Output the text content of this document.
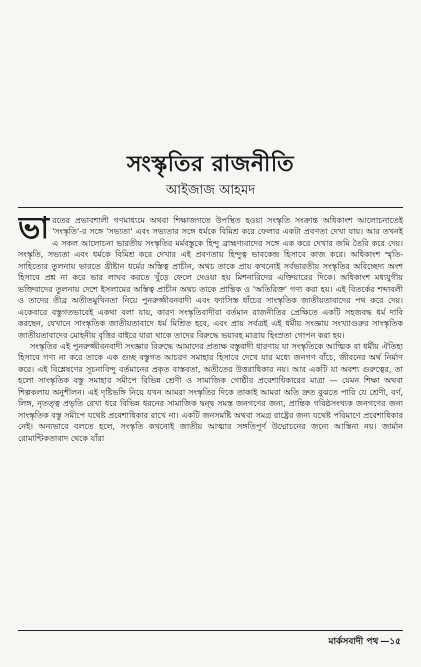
সংস্কৃতির রাজনীতি
আইজাজ আহমদ

ভারতের প্রভাবশালী গণমাধ্যমে অথবা শিক্ষাজগতে উপস্থিত হওয়া সংস্কৃতি সংক্রান্ত অধিকাংশ আলোচনাতেই 'সংস্কৃতি'-র সঙ্গে 'সভ্যতা' এবং সভ্যতার সঙ্গে ধর্মকে বিমিশ্র করে ফেলার একটা প্রবণতা দেখা যায়। আর তখনই এ সকল আলোচনা ভারতীয় সংস্কৃতির মর্মবস্তুকে হিন্দু ব্রাহ্মণ্যবাদের সঙ্গে এক করে দেখার জমি তৈরি করে দেয়। সংস্কৃতি, সভ্যতা এবং ধর্মকে বিমিশ্র করে দেখার এই প্রবণতায় হিন্দুত্ব ভাবকেন্দ্র হিসাবে কাজ করে। অধিকাংশ স্মৃতি- সাহিত্যের তুলনায় ভারতে খ্রীষ্টান ধর্মের অস্তিত্ব প্রাচীন, অথচ তাকে প্রায় কখনোই সর্বভারতীয় সংস্কৃতির অবিচ্ছেদ্য অংশ হিসাবে প্রশ্ন না করে ভার লাঘব করতে খুঁড়ে ফেলে দেওয়া হয় মিশনারিদের এক্তিয়ারের দিকে। অধিকাংশ মধ্যযুগীয় ভক্তিবাদের তুলনায় দেশে ইসলামের অস্তিত্ব প্রাচীন অথচ তাকে প্রান্তিক ও 'অতিরিক্ত' গণ্য করা হয়। এই বিতর্কের শব্দাবলী ও তাদের তীব্র অতীতমুখিনতা নিয়ে পুনরুজ্জীবনবাদী এবং ফ্যাসিস্ত ধাঁচের সাংস্কৃতিক জাতীয়তাবাদের পথ করে দেয়। একেবারে বস্তুগতভাবেই একথা বলা যায়, কারণ সংস্কৃতিবাদীরা বর্তমান রাজনীতির প্রেক্ষিতে একটি সহজবদ্ধ ধর্ম দাবি করছেন, যেখানে সাংস্কৃতিক জাতীয়তাবাদে ধর্ম মিশ্রিত হবে, এবং প্রায় সর্বত্রই এই ধর্মীয় সংজ্ঞায় সংখ্যাগুরুর সাংস্কৃতিক জাতীয়তাবাদের মোহনীয় বৃত্তির বাইরে যারা থাকে তাদের বিরুদ্ধে ভয়াবহ মাত্রায় হিংস্রতা গোপন করা হয়।

সংস্কৃতির এই পুনরুজ্জীবনবাদী সংজ্ঞার বিরুদ্ধে আমাদের প্রত্যক্ষ বস্তুবাদী ধারণায় যা সংস্কৃতিকে আত্মিক বা ধর্মীয় ঐতিহ্য হিসাবে গণ্য না করে তাকে এক গুচ্ছ বস্তুগত আচরণ সমাহার হিসাবে দেখে যার মধ্যে জনগণ বাঁচে, জীবনের অর্থ নির্মাণ করে। এই বিশ্লেষণের সূচনাবিন্দু বর্তমানের প্রকৃত বাস্তবতা, অতীতের উত্তরাধিকার নয়। আর একটি যা অবশ্য গুরুত্বের, তা হলো সাংস্কৃতিক বস্তু সমাহার সমীপে বিভিন্ন শ্রেণী ও সামাজিক গোষ্ঠীর প্রবেশাধিকারের মাত্রা — যেমন শিক্ষা অথবা শিল্পকলায় অনুশীলন। এই দৃষ্টিভঙ্গি নিয়ে যখন আমরা সংস্কৃতির দিকে তাকাই আমরা অতি দ্রুত বুঝতে পারি যে শ্রেণী, বর্ণ, লিঙ্গ, নৃতত্ত্ব প্রভৃতি রেখা ধরে বিভিন্ন ধরনের সামাজিক দ্বন্দ্ব সমস্ত জনগণের জন্য, প্রান্তিক গরিষ্ঠসংখ্যক জনগণের জন্য সাংস্কৃতিক বস্তু সমীপে যথেষ্ট প্রবেশাধিকার রাখে না। একটি জনসমষ্টি অথবা সমগ্র রাষ্ট্রের জন্য যথেষ্ট পরিমাণে প্রবেশাধিকার নেই। অন্যভাবে বলতে হলে, সংস্কৃতি কখনোই জাতীয় আত্মার সঙ্গতিপূর্ণ উদ্মোচনের জন্যে আস্তিনা নয়। জার্মান রোমান্টিকতাবাদ থেকে যাঁরা

মার্কসবাদী পথ —১৫
